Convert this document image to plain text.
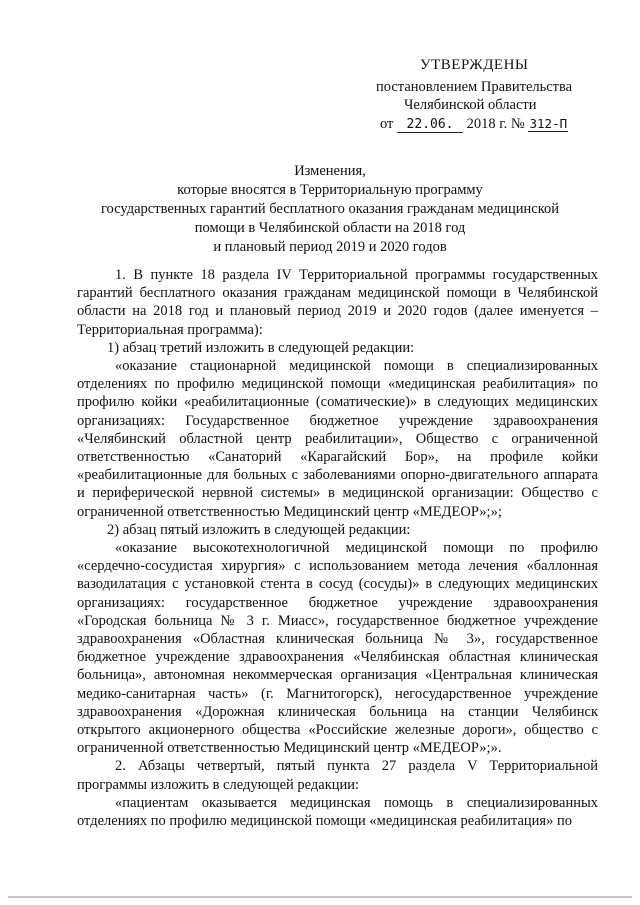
УТВЕРЖДЕНЫ
постановлением Правительства
Челябинской области
от 22.06. 2018 г. № 312-П
Изменения,
которые вносятся в Территориальную программу
государственных гарантий бесплатного оказания гражданам медицинской
помощи в Челябинской области на 2018 год
и плановый период 2019 и 2020 годов

1. В пункте 18 раздела IV Территориальной программы государственных гарантий бесплатного оказания гражданам медицинской помощи в Челябинской области на 2018 год и плановый период 2019 и 2020 годов (далее именуется – Территориальная программа):

1) абзац третий изложить в следующей редакции:

«оказание стационарной медицинской помощи в специализированных отделениях по профилю медицинской помощи «медицинская реабилитация» по профилю койки «реабилитационные (соматические)» в следующих медицинских организациях: Государственное бюджетное учреждение здравоохранения «Челябинский областной центр реабилитации», Общество с ограниченной ответственностью «Санаторий «Карагайский Бор», на профиле койки «реабилитационные для больных с заболеваниями опорно-двигательного аппарата и периферической нервной системы» в медицинской организации: Общество с ограниченной ответственностью Медицинский центр «МЕДЕОР»;»;

2) абзац пятый изложить в следующей редакции:

«оказание высокотехнологичной медицинской помощи по профилю «сердечно-сосудистая хирургия» с использованием метода лечения «баллонная вазодилатация с установкой стента в сосуд (сосуды)» в следующих медицинских организациях: государственное бюджетное учреждение здравоохранения «Городская больница № 3 г. Миасс», государственное бюджетное учреждение здравоохранения «Областная клиническая больница № 3», государственное бюджетное учреждение здравоохранения «Челябинская областная клиническая больница», автономная некоммерческая организация «Центральная клиническая медико-санитарная часть» (г. Магнитогорск), негосударственное учреждение здравоохранения «Дорожная клиническая больница на станции Челябинск открытого акционерного общества «Российские железные дороги», общество с ограниченной ответственностью Медицинский центр «МЕДЕОР»;».

2. Абзацы четвертый, пятый пункта 27 раздела V Территориальной программы изложить в следующей редакции:

«пациентам оказывается медицинская помощь в специализированных отделениях по профилю медицинской помощи «медицинская реабилитация» по
